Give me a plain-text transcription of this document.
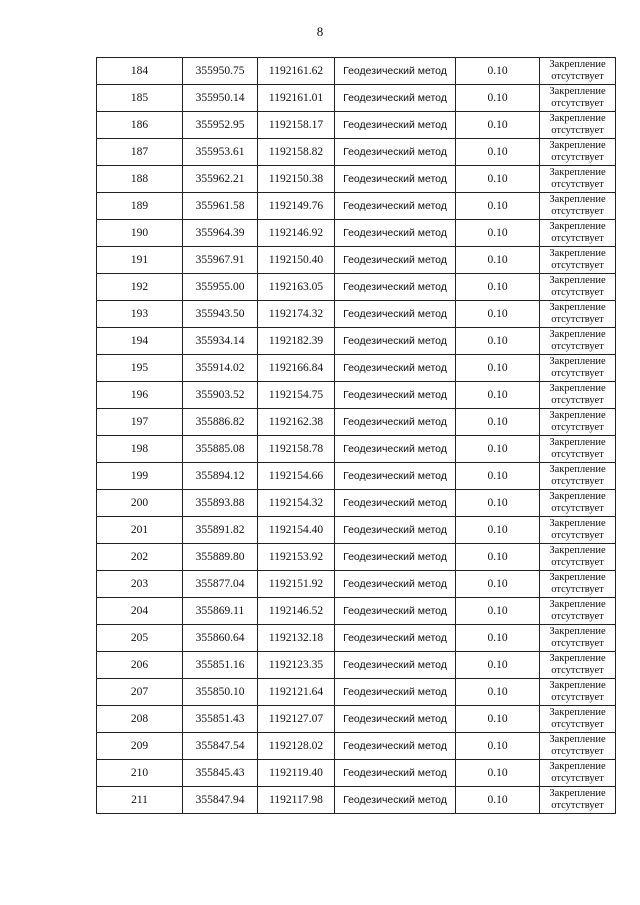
8
184	355950.75	1192161.62	Геодезический метод	0.10	Закрепление отсутствует
185	355950.14	1192161.01	Геодезический метод	0.10	Закрепление отсутствует
186	355952.95	1192158.17	Геодезический метод	0.10	Закрепление отсутствует
187	355953.61	1192158.82	Геодезический метод	0.10	Закрепление отсутствует
188	355962.21	1192150.38	Геодезический метод	0.10	Закрепление отсутствует
189	355961.58	1192149.76	Геодезический метод	0.10	Закрепление отсутствует
190	355964.39	1192146.92	Геодезический метод	0.10	Закрепление отсутствует
191	355967.91	1192150.40	Геодезический метод	0.10	Закрепление отсутствует
192	355955.00	1192163.05	Геодезический метод	0.10	Закрепление отсутствует
193	355943.50	1192174.32	Геодезический метод	0.10	Закрепление отсутствует
194	355934.14	1192182.39	Геодезический метод	0.10	Закрепление отсутствует
195	355914.02	1192166.84	Геодезический метод	0.10	Закрепление отсутствует
196	355903.52	1192154.75	Геодезический метод	0.10	Закрепление отсутствует
197	355886.82	1192162.38	Геодезический метод	0.10	Закрепление отсутствует
198	355885.08	1192158.78	Геодезический метод	0.10	Закрепление отсутствует
199	355894.12	1192154.66	Геодезический метод	0.10	Закрепление отсутствует
200	355893.88	1192154.32	Геодезический метод	0.10	Закрепление отсутствует
201	355891.82	1192154.40	Геодезический метод	0.10	Закрепление отсутствует
202	355889.80	1192153.92	Геодезический метод	0.10	Закрепление отсутствует
203	355877.04	1192151.92	Геодезический метод	0.10	Закрепление отсутствует
204	355869.11	1192146.52	Геодезический метод	0.10	Закрепление отсутствует
205	355860.64	1192132.18	Геодезический метод	0.10	Закрепление отсутствует
206	355851.16	1192123.35	Геодезический метод	0.10	Закрепление отсутствует
207	355850.10	1192121.64	Геодезический метод	0.10	Закрепление отсутствует
208	355851.43	1192127.07	Геодезический метод	0.10	Закрепление отсутствует
209	355847.54	1192128.02	Геодезический метод	0.10	Закрепление отсутствует
210	355845.43	1192119.40	Геодезический метод	0.10	Закрепление отсутствует
211	355847.94	1192117.98	Геодезический метод	0.10	Закрепление отсутствует
